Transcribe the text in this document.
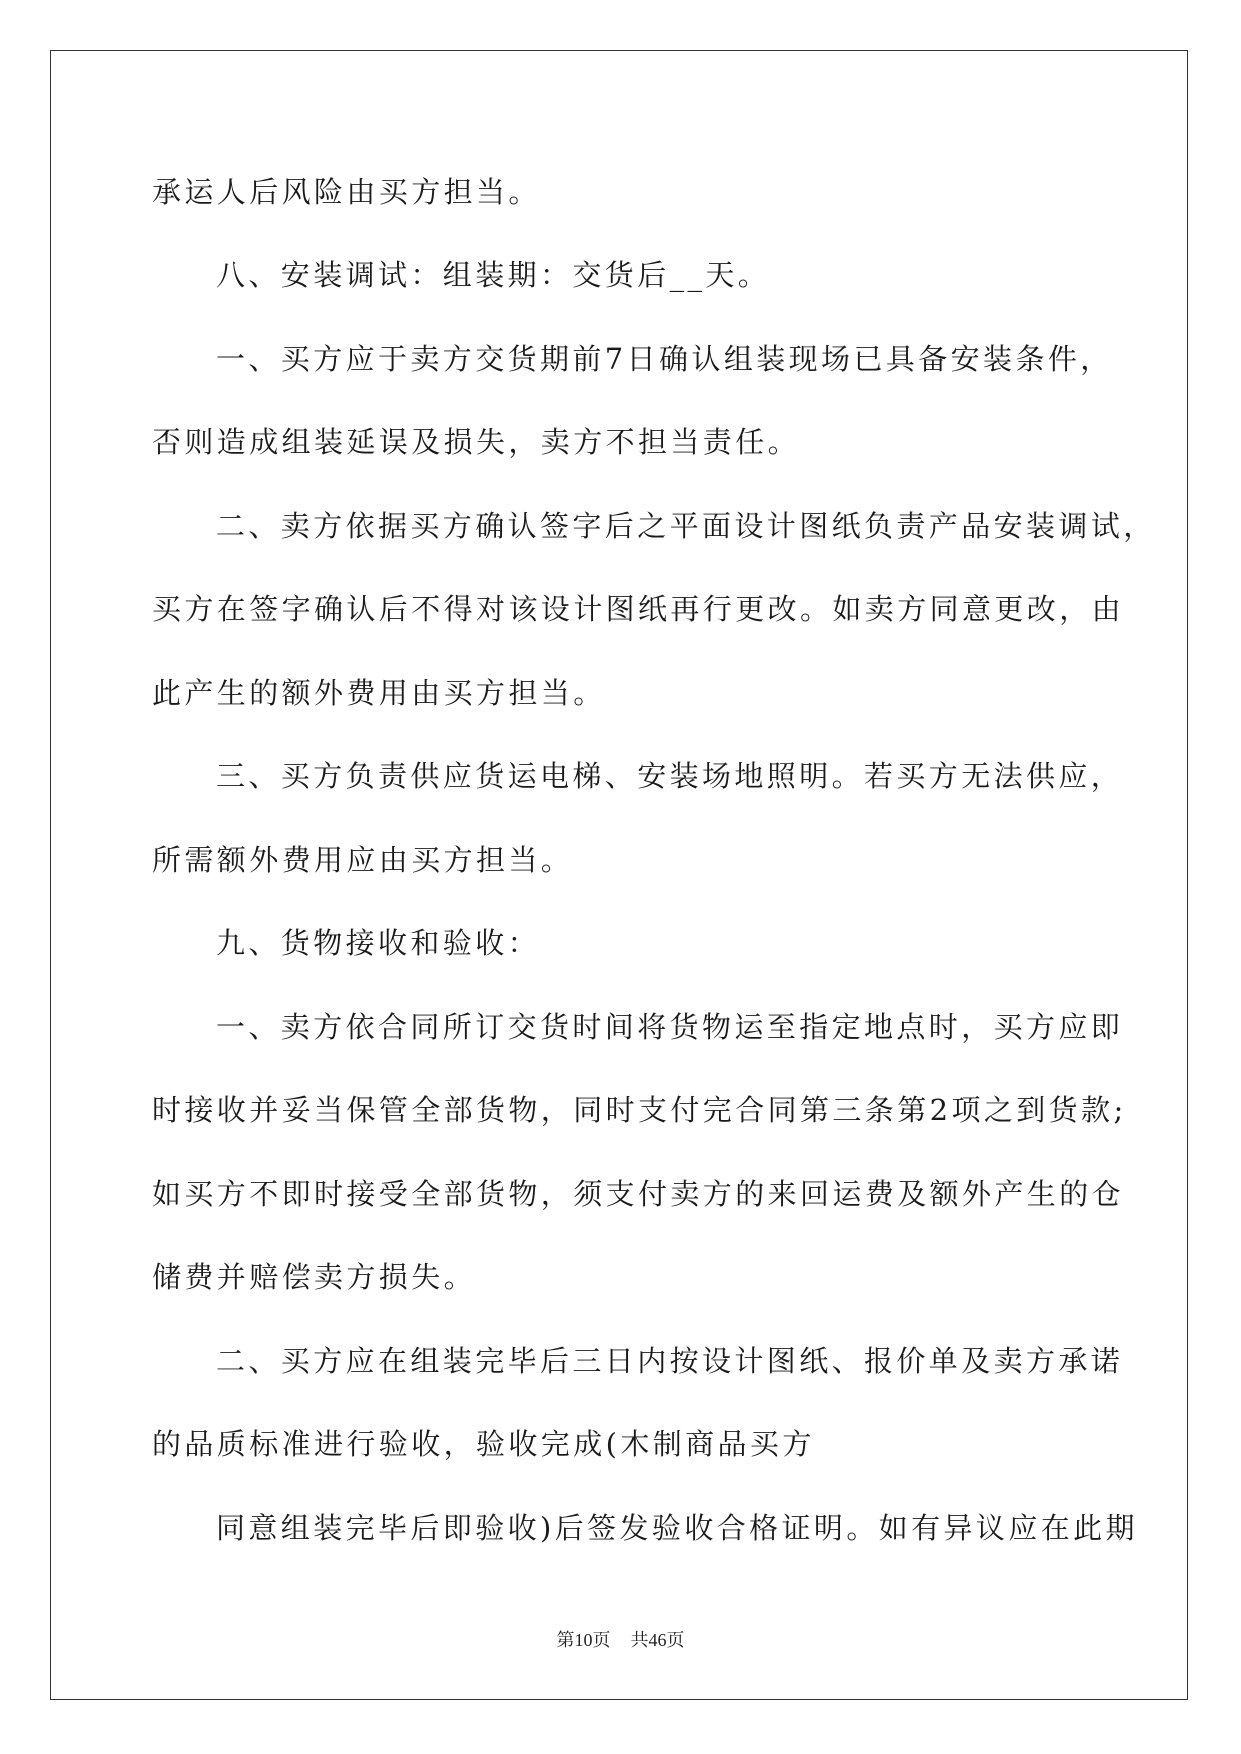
承运人后风险由买方担当。
八、安装调试：组装期：交货后__天。
一、买方应于卖方交货期前7日确认组装现场已具备安装条件，
否则造成组装延误及损失，卖方不担当责任。
二、卖方依据买方确认签字后之平面设计图纸负责产品安装调试，
买方在签字确认后不得对该设计图纸再行更改。如卖方同意更改，由
此产生的额外费用由买方担当。
三、买方负责供应货运电梯、安装场地照明。若买方无法供应，
所需额外费用应由买方担当。
九、货物接收和验收：
一、卖方依合同所订交货时间将货物运至指定地点时，买方应即
时接收并妥当保管全部货物，同时支付完合同第三条第2项之到货款;
如买方不即时接受全部货物，须支付卖方的来回运费及额外产生的仓
储费并赔偿卖方损失。
二、买方应在组装完毕后三日内按设计图纸、报价单及卖方承诺
的品质标准进行验收，验收完成(木制商品买方
同意组装完毕后即验收)后签发验收合格证明。如有异议应在此期
第10页 共46页
